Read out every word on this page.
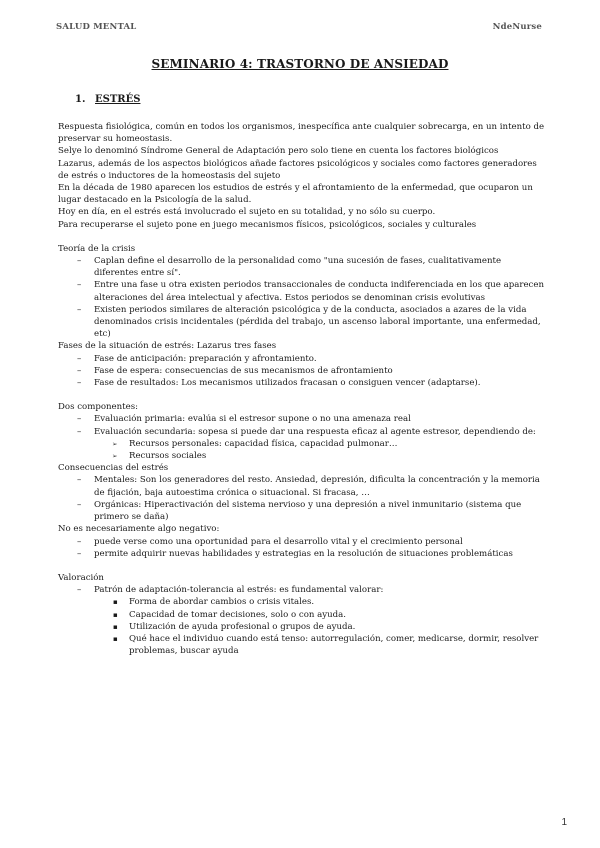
SALUD MENTAL	NdeNurse
SEMINARIO 4: TRASTORNO DE ANSIEDAD
1. ESTRÉS

Respuesta fisiológica, común en todos los organismos, inespecífica ante cualquier sobrecarga, en un intento de preservar su homeostasis.

Selye lo denominó Síndrome General de Adaptación pero solo tiene en cuenta los factores biológicos

Lazarus, además de los aspectos biológicos añade factores psicológicos y sociales como factores generadores de estrés o inductores de la homeostasis del sujeto

En la década de 1980 aparecen los estudios de estrés y el afrontamiento de la enfermedad, que ocuparon un lugar destacado en la Psicología de la salud.

Hoy en día, en el estrés está involucrado el sujeto en su totalidad, y no sólo su cuerpo.

Para recuperarse el sujeto pone en juego mecanismos físicos, psicológicos, sociales y culturales

Teoría de la crisis

– Caplan define el desarrollo de la personalidad como "una sucesión de fases, cualitativamente diferentes entre sí".

– Entre una fase u otra existen periodos transaccionales de conducta indiferenciada en los que aparecen alteraciones del área intelectual y afectiva. Estos periodos se denominan crisis evolutivas

– Existen periodos similares de alteración psicológica y de la conducta, asociados a azares de la vida denominados crisis incidentales (pérdida del trabajo, un ascenso laboral importante, una enfermedad, etc)

Fases de la situación de estrés: Lazarus tres fases

– Fase de anticipación: preparación y afrontamiento.

– Fase de espera: consecuencias de sus mecanismos de afrontamiento

– Fase de resultados: Los mecanismos utilizados fracasan o consiguen vencer (adaptarse).

Dos componentes:

– Evaluación primaria: evalúa si el estresor supone o no una amenaza real

– Evaluación secundaria: sopesa si puede dar una respuesta eficaz al agente estresor, dependiendo de:

➢ Recursos personales: capacidad física, capacidad pulmonar…

➢ Recursos sociales

Consecuencias del estrés

– Mentales: Son los generadores del resto. Ansiedad, depresión, dificulta la concentración y la memoria de fijación, baja autoestima crónica o situacional. Si fracasa, …

– Orgánicas: Hiperactivación del sistema nervioso y una depresión a nivel inmunitario (sistema que primero se daña)

No es necesariamente algo negativo:

– puede verse como una oportunidad para el desarrollo vital y el crecimiento personal

– permite adquirir nuevas habilidades y estrategias en la resolución de situaciones problemáticas

Valoración

– Patrón de adaptación-tolerancia al estrés: es fundamental valorar:

▪ Forma de abordar cambios o crisis vitales.

▪ Capacidad de tomar decisiones, solo o con ayuda.

▪ Utilización de ayuda profesional o grupos de ayuda.

▪ Qué hace el individuo cuando está tenso: autorregulación, comer, medicarse, dormir, resolver problemas, buscar ayuda

1
